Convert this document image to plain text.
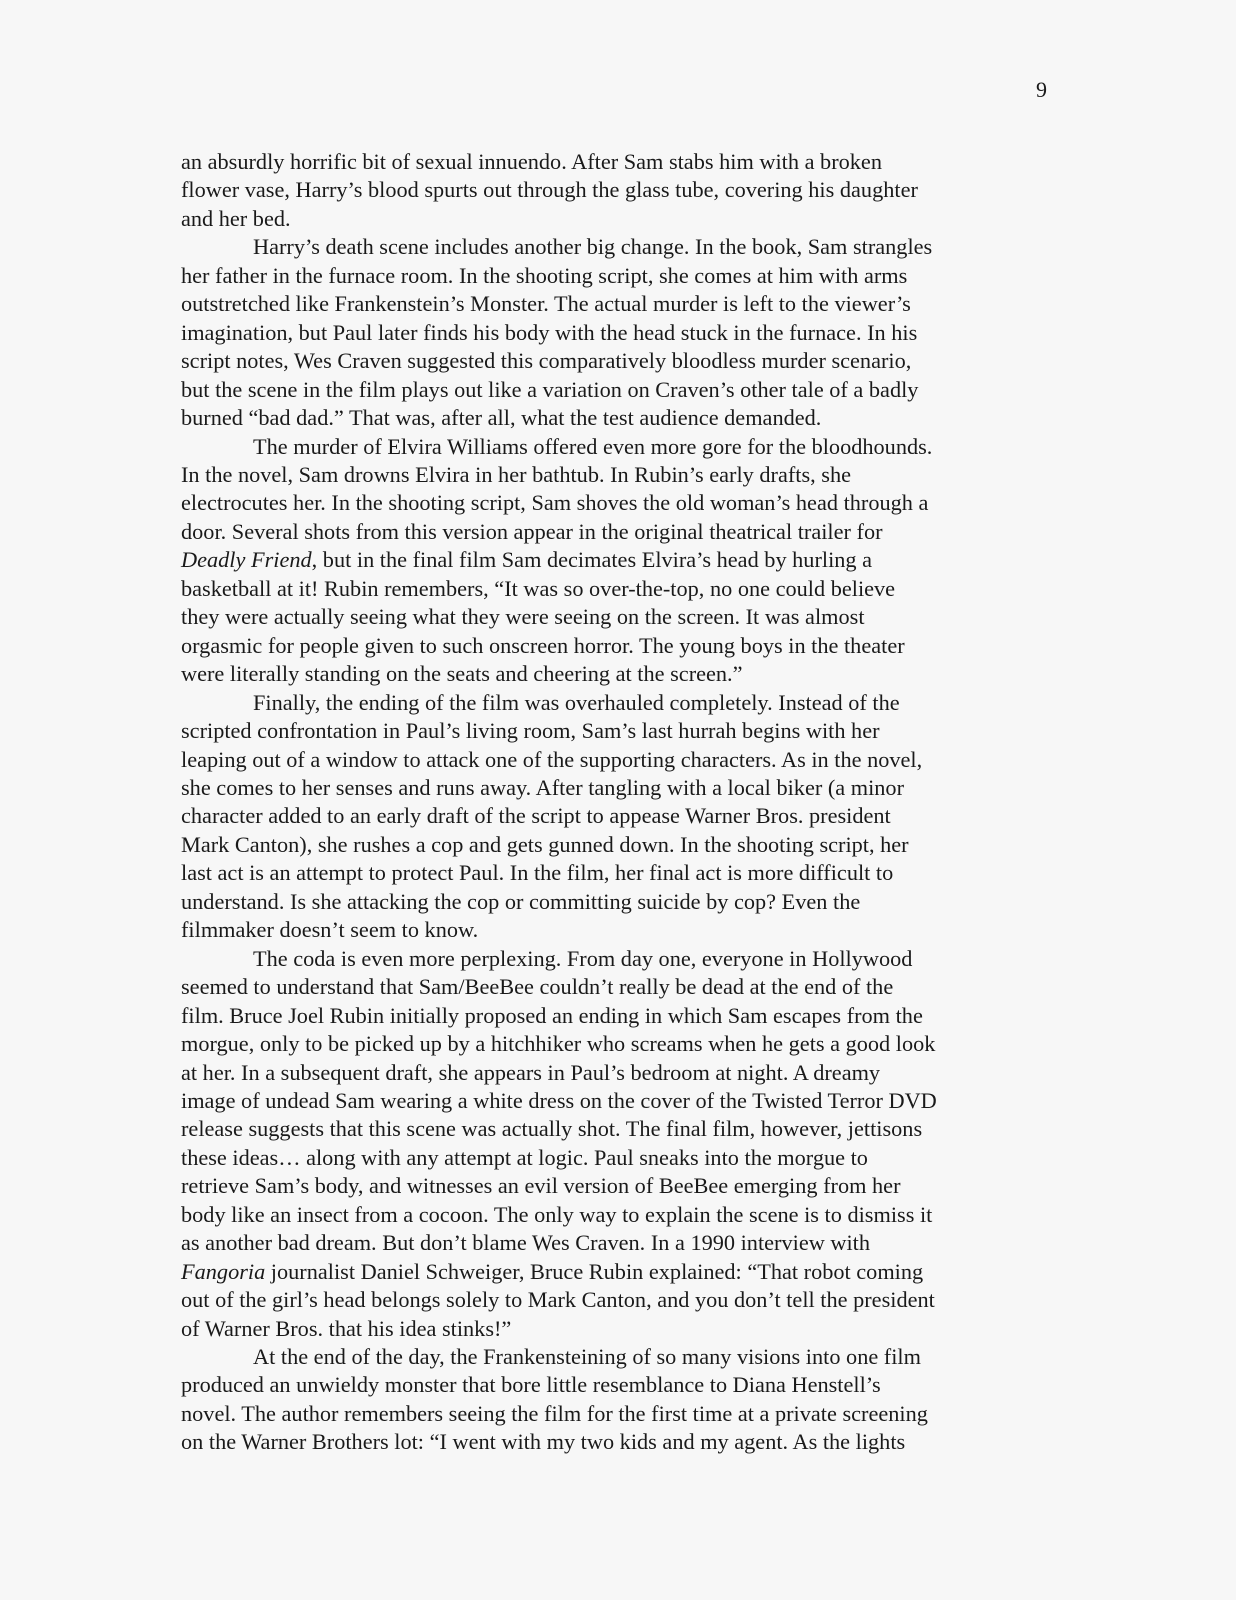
9
an absurdly horrific bit of sexual innuendo. After Sam stabs him with a broken
flower vase, Harry’s blood spurts out through the glass tube, covering his daughter
and her bed.
Harry’s death scene includes another big change. In the book, Sam strangles
her father in the furnace room. In the shooting script, she comes at him with arms
outstretched like Frankenstein’s Monster. The actual murder is left to the viewer’s
imagination, but Paul later finds his body with the head stuck in the furnace. In his
script notes, Wes Craven suggested this comparatively bloodless murder scenario,
but the scene in the film plays out like a variation on Craven’s other tale of a badly
burned “bad dad.” That was, after all, what the test audience demanded.
The murder of Elvira Williams offered even more gore for the bloodhounds.
In the novel, Sam drowns Elvira in her bathtub. In Rubin’s early drafts, she
electrocutes her. In the shooting script, Sam shoves the old woman’s head through a
door. Several shots from this version appear in the original theatrical trailer for
Deadly Friend, but in the final film Sam decimates Elvira’s head by hurling a
basketball at it! Rubin remembers, “It was so over-the-top, no one could believe
they were actually seeing what they were seeing on the screen. It was almost
orgasmic for people given to such onscreen horror. The young boys in the theater
were literally standing on the seats and cheering at the screen.”
Finally, the ending of the film was overhauled completely. Instead of the
scripted confrontation in Paul’s living room, Sam’s last hurrah begins with her
leaping out of a window to attack one of the supporting characters. As in the novel,
she comes to her senses and runs away. After tangling with a local biker (a minor
character added to an early draft of the script to appease Warner Bros. president
Mark Canton), she rushes a cop and gets gunned down. In the shooting script, her
last act is an attempt to protect Paul. In the film, her final act is more difficult to
understand. Is she attacking the cop or committing suicide by cop? Even the
filmmaker doesn’t seem to know.
The coda is even more perplexing. From day one, everyone in Hollywood
seemed to understand that Sam/BeeBee couldn’t really be dead at the end of the
film. Bruce Joel Rubin initially proposed an ending in which Sam escapes from the
morgue, only to be picked up by a hitchhiker who screams when he gets a good look
at her. In a subsequent draft, she appears in Paul’s bedroom at night. A dreamy
image of undead Sam wearing a white dress on the cover of the Twisted Terror DVD
release suggests that this scene was actually shot. The final film, however, jettisons
these ideas… along with any attempt at logic. Paul sneaks into the morgue to
retrieve Sam’s body, and witnesses an evil version of BeeBee emerging from her
body like an insect from a cocoon. The only way to explain the scene is to dismiss it
as another bad dream. But don’t blame Wes Craven. In a 1990 interview with
Fangoria journalist Daniel Schweiger, Bruce Rubin explained: “That robot coming
out of the girl’s head belongs solely to Mark Canton, and you don’t tell the president
of Warner Bros. that his idea stinks!”
At the end of the day, the Frankensteining of so many visions into one film
produced an unwieldy monster that bore little resemblance to Diana Henstell’s
novel. The author remembers seeing the film for the first time at a private screening
on the Warner Brothers lot: “I went with my two kids and my agent. As the lights
